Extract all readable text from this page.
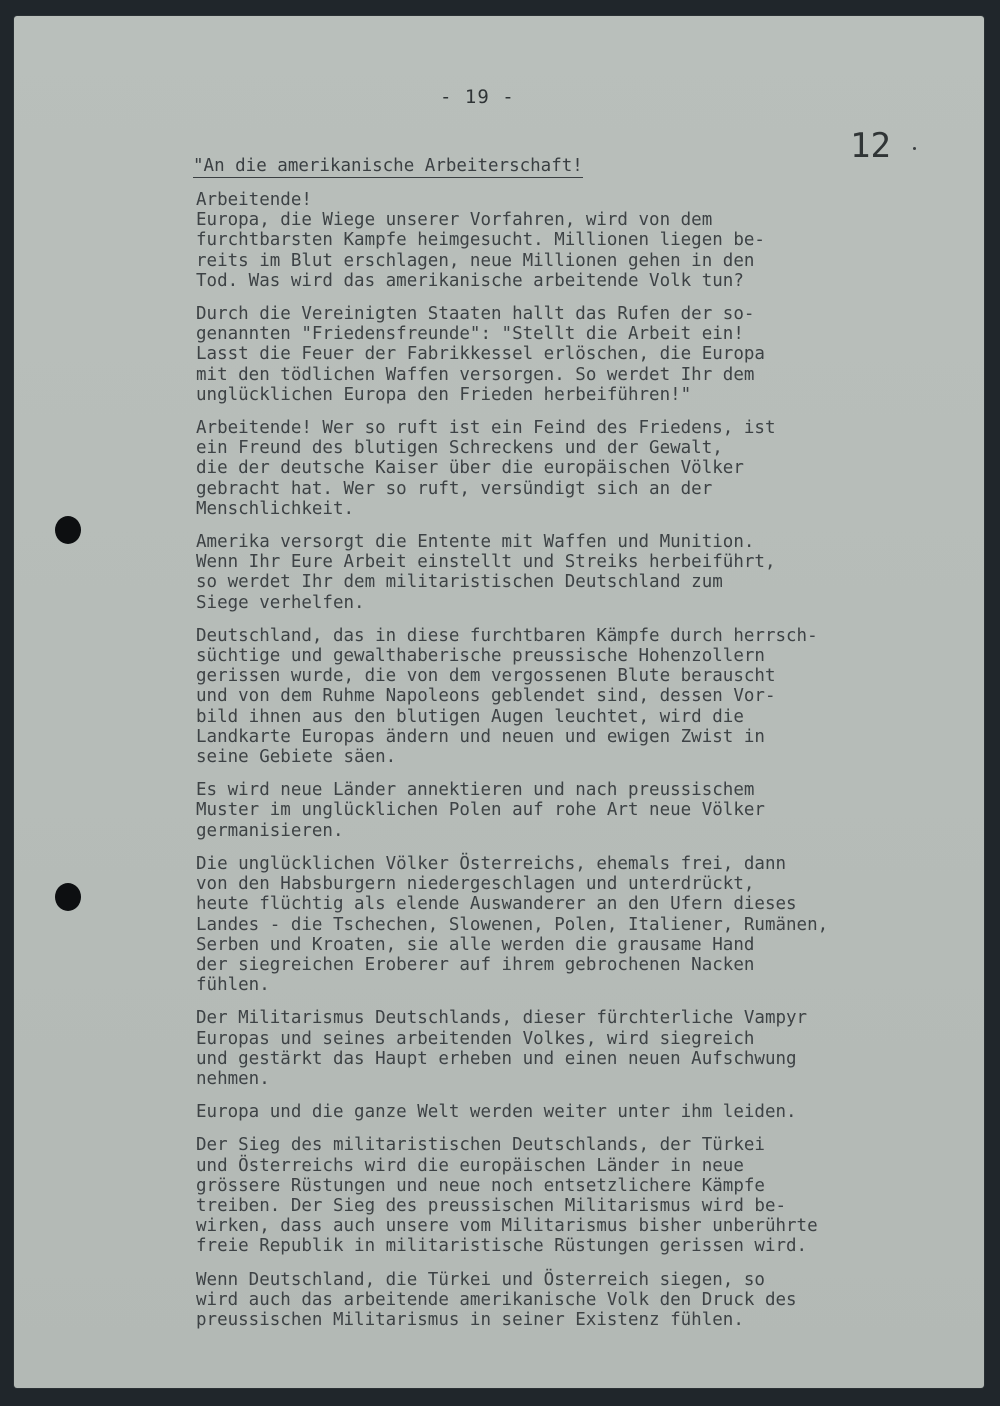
- 19 -
12
"An die amerikanische Arbeiterschaft!

Arbeitende!

Europa, die Wiege unserer Vorfahren, wird von dem
furchtbarsten Kampfe heimgesucht. Millionen liegen be-
reits im Blut erschlagen, neue Millionen gehen in den
Tod. Was wird das amerikanische arbeitende Volk tun?

Durch die Vereinigten Staaten hallt das Rufen der so-
genannten "Friedensfreunde": "Stellt die Arbeit ein!
Lasst die Feuer der Fabrikkessel erlöschen, die Europa
mit den tödlichen Waffen versorgen. So werdet Ihr dem
unglücklichen Europa den Frieden herbeiführen!"

Arbeitende! Wer so ruft ist ein Feind des Friedens, ist
ein Freund des blutigen Schreckens und der Gewalt,
die der deutsche Kaiser über die europäischen Völker
gebracht hat. Wer so ruft, versündigt sich an der
Menschlichkeit.

Amerika versorgt die Entente mit Waffen und Munition.
Wenn Ihr Eure Arbeit einstellt und Streiks herbeiführt,
so werdet Ihr dem militaristischen Deutschland zum
Siege verhelfen.

Deutschland, das in diese furchtbaren Kämpfe durch herrsch-
süchtige und gewalthaberische preussische Hohenzollern
gerissen wurde, die von dem vergossenen Blute berauscht
und von dem Ruhme Napoleons geblendet sind, dessen Vor-
bild ihnen aus den blutigen Augen leuchtet, wird die
Landkarte Europas ändern und neuen und ewigen Zwist in
seine Gebiete säen.

Es wird neue Länder annektieren und nach preussischem
Muster im unglücklichen Polen auf rohe Art neue Völker
germanisieren.

Die unglücklichen Völker Österreichs, ehemals frei, dann
von den Habsburgern niedergeschlagen und unterdrückt,
heute flüchtig als elende Auswanderer an den Ufern dieses
Landes - die Tschechen, Slowenen, Polen, Italiener, Rumänen,
Serben und Kroaten, sie alle werden die grausame Hand
der siegreichen Eroberer auf ihrem gebrochenen Nacken
fühlen.

Der Militarismus Deutschlands, dieser fürchterliche Vampyr
Europas und seines arbeitenden Volkes, wird siegreich
und gestärkt das Haupt erheben und einen neuen Aufschwung
nehmen.

Europa und die ganze Welt werden weiter unter ihm leiden.

Der Sieg des militaristischen Deutschlands, der Türkei
und Österreichs wird die europäischen Länder in neue
grössere Rüstungen und neue noch entsetzlichere Kämpfe
treiben. Der Sieg des preussischen Militarismus wird be-
wirken, dass auch unsere vom Militarismus bisher unberührte
freie Republik in militaristische Rüstungen gerissen wird.

Wenn Deutschland, die Türkei und Österreich siegen, so
wird auch das arbeitende amerikanische Volk den Druck des
preussischen Militarismus in seiner Existenz fühlen.
